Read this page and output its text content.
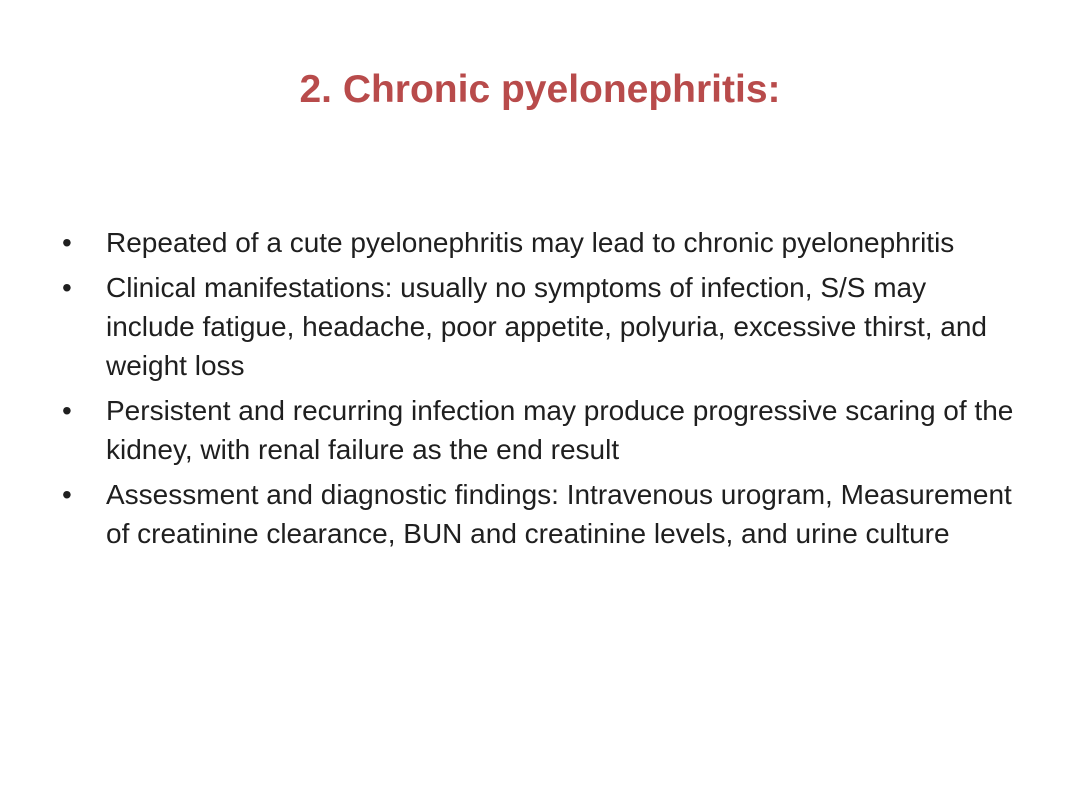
2. Chronic pyelonephritis:
•	Repeated of a cute pyelonephritis may lead to chronic pyelonephritis
•	Clinical manifestations: usually no symptoms of infection, S/S may include fatigue, headache, poor appetite, polyuria, excessive thirst, and weight loss
•	Persistent and recurring infection may produce progressive scaring of the kidney, with renal failure as the end result
•	Assessment and diagnostic findings: Intravenous urogram, Measurement of creatinine clearance, BUN and creatinine levels, and urine culture
